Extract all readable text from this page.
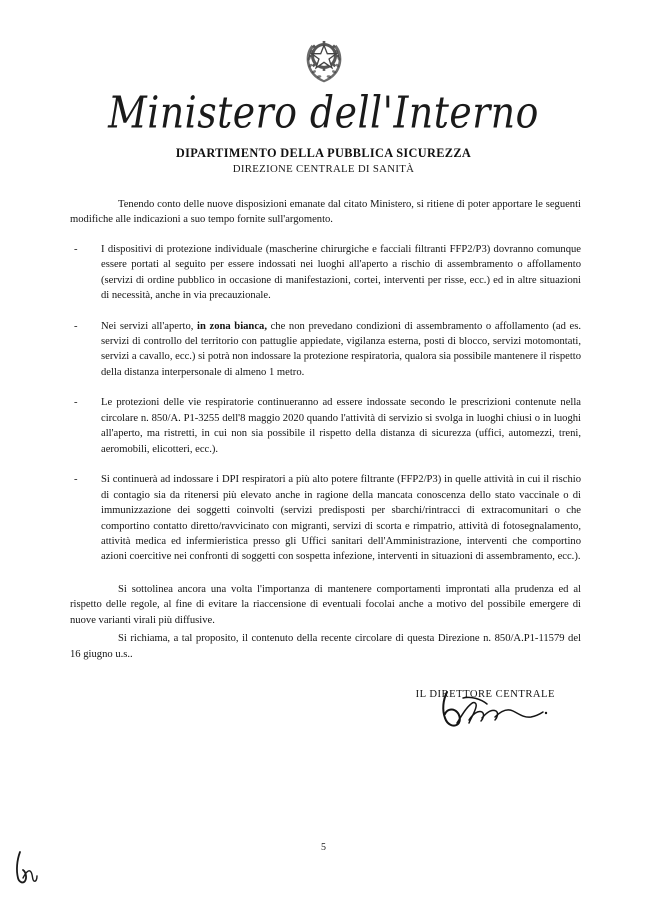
Ministero dell'Interno
DIPARTIMENTO DELLA PUBBLICA SICUREZZA
DIREZIONE CENTRALE DI SANITÀ

Tenendo conto delle nuove disposizioni emanate dal citato Ministero, si ritiene di poter apportare le seguenti modifiche alle indicazioni a suo tempo fornite sull'argomento.

- I dispositivi di protezione individuale (mascherine chirurgiche e facciali filtranti FFP2/P3) dovranno comunque essere portati al seguito per essere indossati nei luoghi all'aperto a rischio di assembramento o affollamento (servizi di ordine pubblico in occasione di manifestazioni, cortei, interventi per risse, ecc.) ed in altre situazioni di necessità, anche in via precauzionale.
- Nei servizi all'aperto, in zona bianca, che non prevedano condizioni di assembramento o affollamento (ad es. servizi di controllo del territorio con pattuglie appiedate, vigilanza esterna, posti di blocco, servizi motomontati, servizi a cavallo, ecc.) si potrà non indossare la protezione respiratoria, qualora sia possibile mantenere il rispetto della distanza interpersonale di almeno 1 metro.
- Le protezioni delle vie respiratorie continueranno ad essere indossate secondo le prescrizioni contenute nella circolare n. 850/A. P1-3255 dell'8 maggio 2020 quando l'attività di servizio si svolga in luoghi chiusi o in luoghi all'aperto, ma ristretti, in cui non sia possibile il rispetto della distanza di sicurezza (uffici, automezzi, treni, aeromobili, elicotteri, ecc.).
- Si continuerà ad indossare i DPI respiratori a più alto potere filtrante (FFP2/P3) in quelle attività in cui il rischio di contagio sia da ritenersi più elevato anche in ragione della mancata conoscenza dello stato vaccinale o di immunizzazione dei soggetti coinvolti (servizi predisposti per sbarchi/rintracci di extracomunitari o che comportino contatto diretto/ravvicinato con migranti, servizi di scorta e rimpatrio, attività di fotosegnalamento, attività medica ed infermieristica presso gli Uffici sanitari dell'Amministrazione, interventi che comportino azioni coercitive nei confronti di soggetti con sospetta infezione, interventi in situazioni di assembramento, ecc.).

Si sottolinea ancora una volta l'importanza di mantenere comportamenti improntati alla prudenza ed al rispetto delle regole, al fine di evitare la riaccensione di eventuali focolai anche a motivo del possibile emergere di nuove varianti virali più diffusive.

Si richiama, a tal proposito, il contenuto della recente circolare di questa Direzione n. 850/A.P1-11579 del 16 giugno u.s..

IL DIRETTORE CENTRALE
5
